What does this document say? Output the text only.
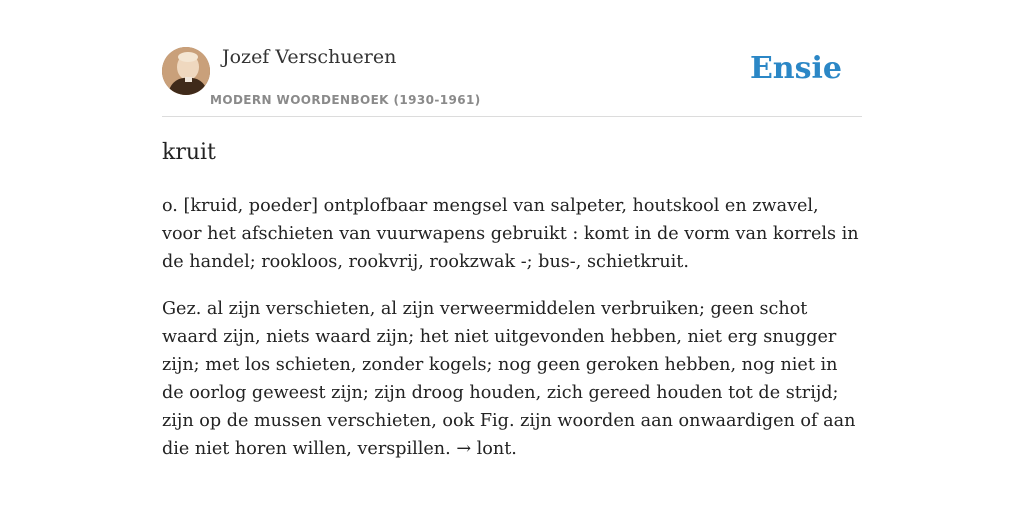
Jozef Verschueren
MODERN WOORDENBOEK (1930-1961)
Ensie
kruit

o. [kruid, poeder] ontplofbaar mengsel van salpeter, houtskool en zwavel, voor het afschieten van vuurwapens gebruikt : komt in de vorm van korrels in de handel; rookloos, rookvrij, rookzwak -; bus-, schietkruit.

Gez. al zijn verschieten, al zijn verweermiddelen verbruiken; geen schot waard zijn, niets waard zijn; het niet uitgevonden hebben, niet erg snugger zijn; met los schieten, zonder kogels; nog geen geroken hebben, nog niet in de oorlog geweest zijn; zijn droog houden, zich gereed houden tot de strijd; zijn op de mussen verschieten, ook Fig. zijn woorden aan onwaardigen of aan die niet horen willen, verspillen. → lont.
